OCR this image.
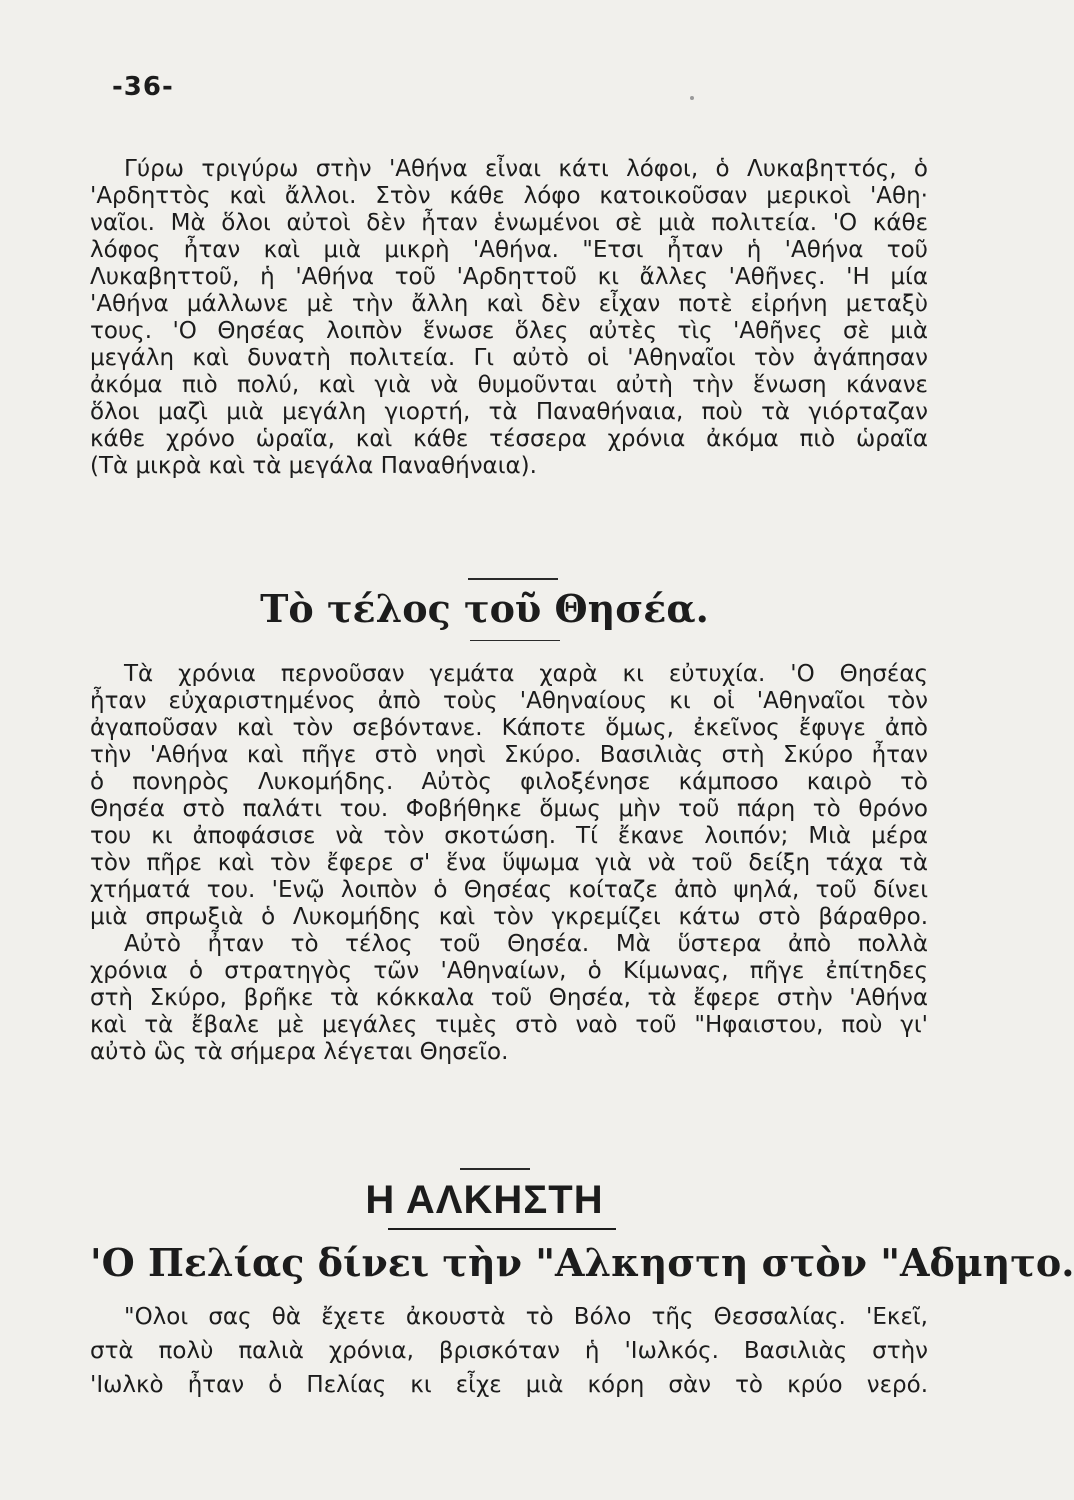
-36-
Γύρω τριγύρω στὴν 'Αθήνα εἶναι κάτι λόφοι, ὁ Λυκαβηττός, ὁ
'Αρδηττὸς καὶ ἄλλοι. Στὸν κάθε λόφο κατοικοῦσαν μερικοὶ 'Αθη·
ναῖοι. Μὰ ὅλοι αὐτοὶ δὲν ἦταν ἑνωμένοι σὲ μιὰ πολιτεία. 'Ο κάθε
λόφος ἦταν καὶ μιὰ μικρὴ 'Αθήνα. "Ετσι ἦταν ἡ 'Αθήνα τοῦ
Λυκαβηττοῦ, ἡ 'Αθήνα τοῦ 'Αρδηττοῦ κι ἄλλες 'Αθῆνες. 'Η μία
'Αθήνα μάλλωνε μὲ τὴν ἄλλη καὶ δὲν εἶχαν ποτὲ εἰρήνη μεταξὺ
τους. 'Ο Θησέας λοιπὸν ἕνωσε ὅλες αὐτὲς τὶς 'Αθῆνες σὲ μιὰ
μεγάλη καὶ δυνατὴ πολιτεία. Γι αὐτὸ οἱ 'Αθηναῖοι τὸν ἀγάπησαν
ἀκόμα πιὸ πολύ, καὶ γιὰ νὰ θυμοῦνται αὐτὴ τὴν ἕνωση κάνανε
ὅλοι μαζὶ μιὰ μεγάλη γιορτή, τὰ Παναθήναια, ποὺ τὰ γιόρταζαν
κάθε χρόνο ὡραῖα, καὶ κάθε τέσσερα χρόνια ἀκόμα πιὸ ὡραῖα
(Τὰ μικρὰ καὶ τὰ μεγάλα Παναθήναια).
Τὸ τέλος τοῦ Θησέα.
Τὰ χρόνια περνοῦσαν γεμάτα χαρὰ κι εὐτυχία. 'Ο Θησέας
ἦταν εὐχαριστημένος ἀπὸ τοὺς 'Αθηναίους κι οἱ 'Αθηναῖοι τὸν
ἀγαποῦσαν καὶ τὸν σεβόντανε. Κάποτε ὅμως, ἐκεῖνος ἔφυγε ἀπὸ
τὴν 'Αθήνα καὶ πῆγε στὸ νησὶ Σκύρο. Βασιλιὰς στὴ Σκύρο ἦταν
ὁ πονηρὸς Λυκομήδης. Αὐτὸς φιλοξένησε κάμποσο καιρὸ τὸ
Θησέα στὸ παλάτι του. Φοβήθηκε ὅμως μὴν τοῦ πάρη τὸ θρόνο
του κι ἀποφάσισε νὰ τὸν σκοτώση. Τί ἔκανε λοιπόν; Μιὰ μέρα
τὸν πῆρε καὶ τὸν ἔφερε σ' ἕνα ὕψωμα γιὰ νὰ τοῦ δείξη τάχα τὰ
χτήματά του. 'Ενῷ λοιπὸν ὁ Θησέας κοίταζε ἀπὸ ψηλά, τοῦ δίνει
μιὰ σπρωξιὰ ὁ Λυκομήδης καὶ τὸν γκρεμίζει κάτω στὸ βάραθρο.
Αὐτὸ ἦταν τὸ τέλος τοῦ Θησέα. Μὰ ὕστερα ἀπὸ πολλὰ
χρόνια ὁ στρατηγὸς τῶν 'Αθηναίων, ὁ Κίμωνας, πῆγε ἐπίτηδες
στὴ Σκύρο, βρῆκε τὰ κόκκαλα τοῦ Θησέα, τὰ ἔφερε στὴν 'Αθήνα
καὶ τὰ ἔβαλε μὲ μεγάλες τιμὲς στὸ ναὸ τοῦ "Ηφαιστου, ποὺ γι'
αὐτὸ ὣς τὰ σήμερα λέγεται Θησεῖο.
Η ΑΛΚΗΣΤΗ
'Ο Πελίας δίνει τὴν "Αλκηστη στὸν "Αδμητο.
"Ολοι σας θὰ ἔχετε ἀκουστὰ τὸ Βόλο τῆς Θεσσαλίας. 'Εκεῖ,
στὰ πολὺ παλιὰ χρόνια, βρισκόταν ἡ 'Ιωλκός. Βασιλιὰς στὴν
'Ιωλκὸ ἦταν ὁ Πελίας κι εἶχε μιὰ κόρη σὰν τὸ κρύο νερό.
